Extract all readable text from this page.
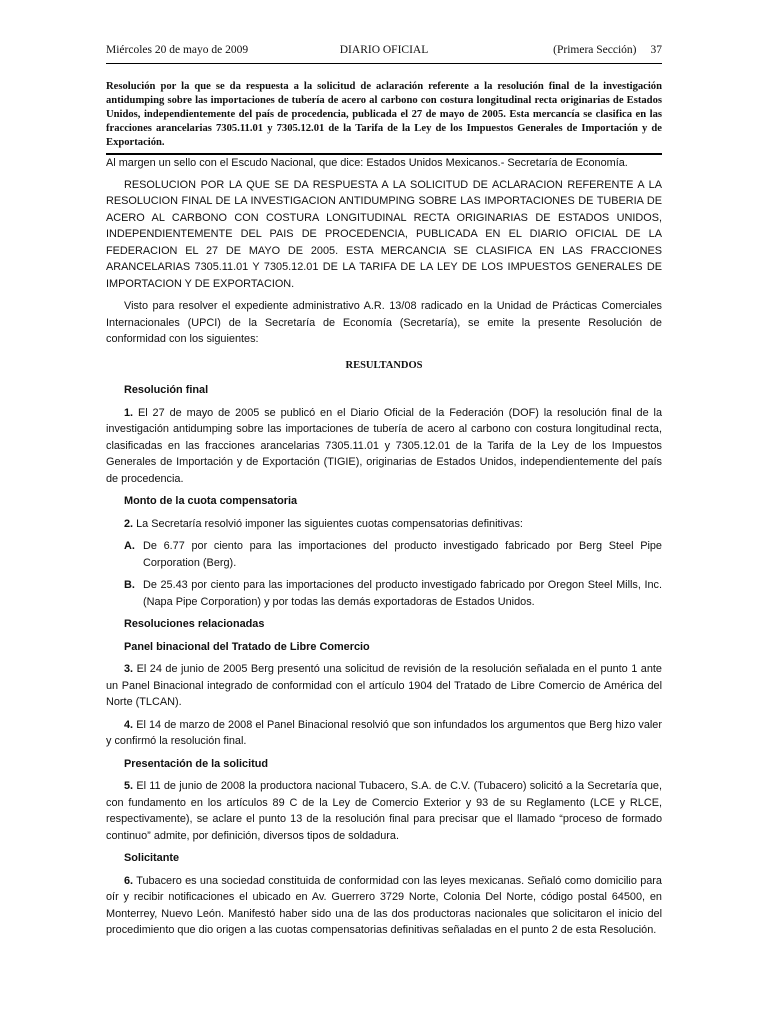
Miércoles 20 de mayo de 2009	DIARIO OFICIAL	(Primera Sección) 37
Resolución por la que se da respuesta a la solicitud de aclaración referente a la resolución final de la investigación antidumping sobre las importaciones de tubería de acero al carbono con costura longitudinal recta originarias de Estados Unidos, independientemente del país de procedencia, publicada el 27 de mayo de 2005. Esta mercancía se clasifica en las fracciones arancelarias 7305.11.01 y 7305.12.01 de la Tarifa de la Ley de los Impuestos Generales de Importación y de Exportación.

Al margen un sello con el Escudo Nacional, que dice: Estados Unidos Mexicanos.- Secretaría de Economía.

RESOLUCION POR LA QUE SE DA RESPUESTA A LA SOLICITUD DE ACLARACION REFERENTE A LA RESOLUCION FINAL DE LA INVESTIGACION ANTIDUMPING SOBRE LAS IMPORTACIONES DE TUBERIA DE ACERO AL CARBONO CON COSTURA LONGITUDINAL RECTA ORIGINARIAS DE ESTADOS UNIDOS, INDEPENDIENTEMENTE DEL PAIS DE PROCEDENCIA, PUBLICADA EN EL DIARIO OFICIAL DE LA FEDERACION EL 27 DE MAYO DE 2005. ESTA MERCANCIA SE CLASIFICA EN LAS FRACCIONES ARANCELARIAS 7305.11.01 Y 7305.12.01 DE LA TARIFA DE LA LEY DE LOS IMPUESTOS GENERALES DE IMPORTACION Y DE EXPORTACION.

Visto para resolver el expediente administrativo A.R. 13/08 radicado en la Unidad de Prácticas Comerciales Internacionales (UPCI) de la Secretaría de Economía (Secretaría), se emite la presente Resolución de conformidad con los siguientes:

RESULTANDOS

Resolución final

1. El 27 de mayo de 2005 se publicó en el Diario Oficial de la Federación (DOF) la resolución final de la investigación antidumping sobre las importaciones de tubería de acero al carbono con costura longitudinal recta, clasificadas en las fracciones arancelarias 7305.11.01 y 7305.12.01 de la Tarifa de la Ley de los Impuestos Generales de Importación y de Exportación (TIGIE), originarias de Estados Unidos, independientemente del país de procedencia.

Monto de la cuota compensatoria

2. La Secretaría resolvió imponer las siguientes cuotas compensatorias definitivas:

A. De 6.77 por ciento para las importaciones del producto investigado fabricado por Berg Steel Pipe Corporation (Berg).
B. De 25.43 por ciento para las importaciones del producto investigado fabricado por Oregon Steel Mills, Inc. (Napa Pipe Corporation) y por todas las demás exportadoras de Estados Unidos.

Resoluciones relacionadas

Panel binacional del Tratado de Libre Comercio

3. El 24 de junio de 2005 Berg presentó una solicitud de revisión de la resolución señalada en el punto 1 ante un Panel Binacional integrado de conformidad con el artículo 1904 del Tratado de Libre Comercio de América del Norte (TLCAN).

4. El 14 de marzo de 2008 el Panel Binacional resolvió que son infundados los argumentos que Berg hizo valer y confirmó la resolución final.

Presentación de la solicitud

5. El 11 de junio de 2008 la productora nacional Tubacero, S.A. de C.V. (Tubacero) solicitó a la Secretaría que, con fundamento en los artículos 89 C de la Ley de Comercio Exterior y 93 de su Reglamento (LCE y RLCE, respectivamente), se aclare el punto 13 de la resolución final para precisar que el llamado “proceso de formado continuo” admite, por definición, diversos tipos de soldadura.

Solicitante

6. Tubacero es una sociedad constituida de conformidad con las leyes mexicanas. Señaló como domicilio para oír y recibir notificaciones el ubicado en Av. Guerrero 3729 Norte, Colonia Del Norte, código postal 64500, en Monterrey, Nuevo León. Manifestó haber sido una de las dos productoras nacionales que solicitaron el inicio del procedimiento que dio origen a las cuotas compensatorias definitivas señaladas en el punto 2 de esta Resolución.
